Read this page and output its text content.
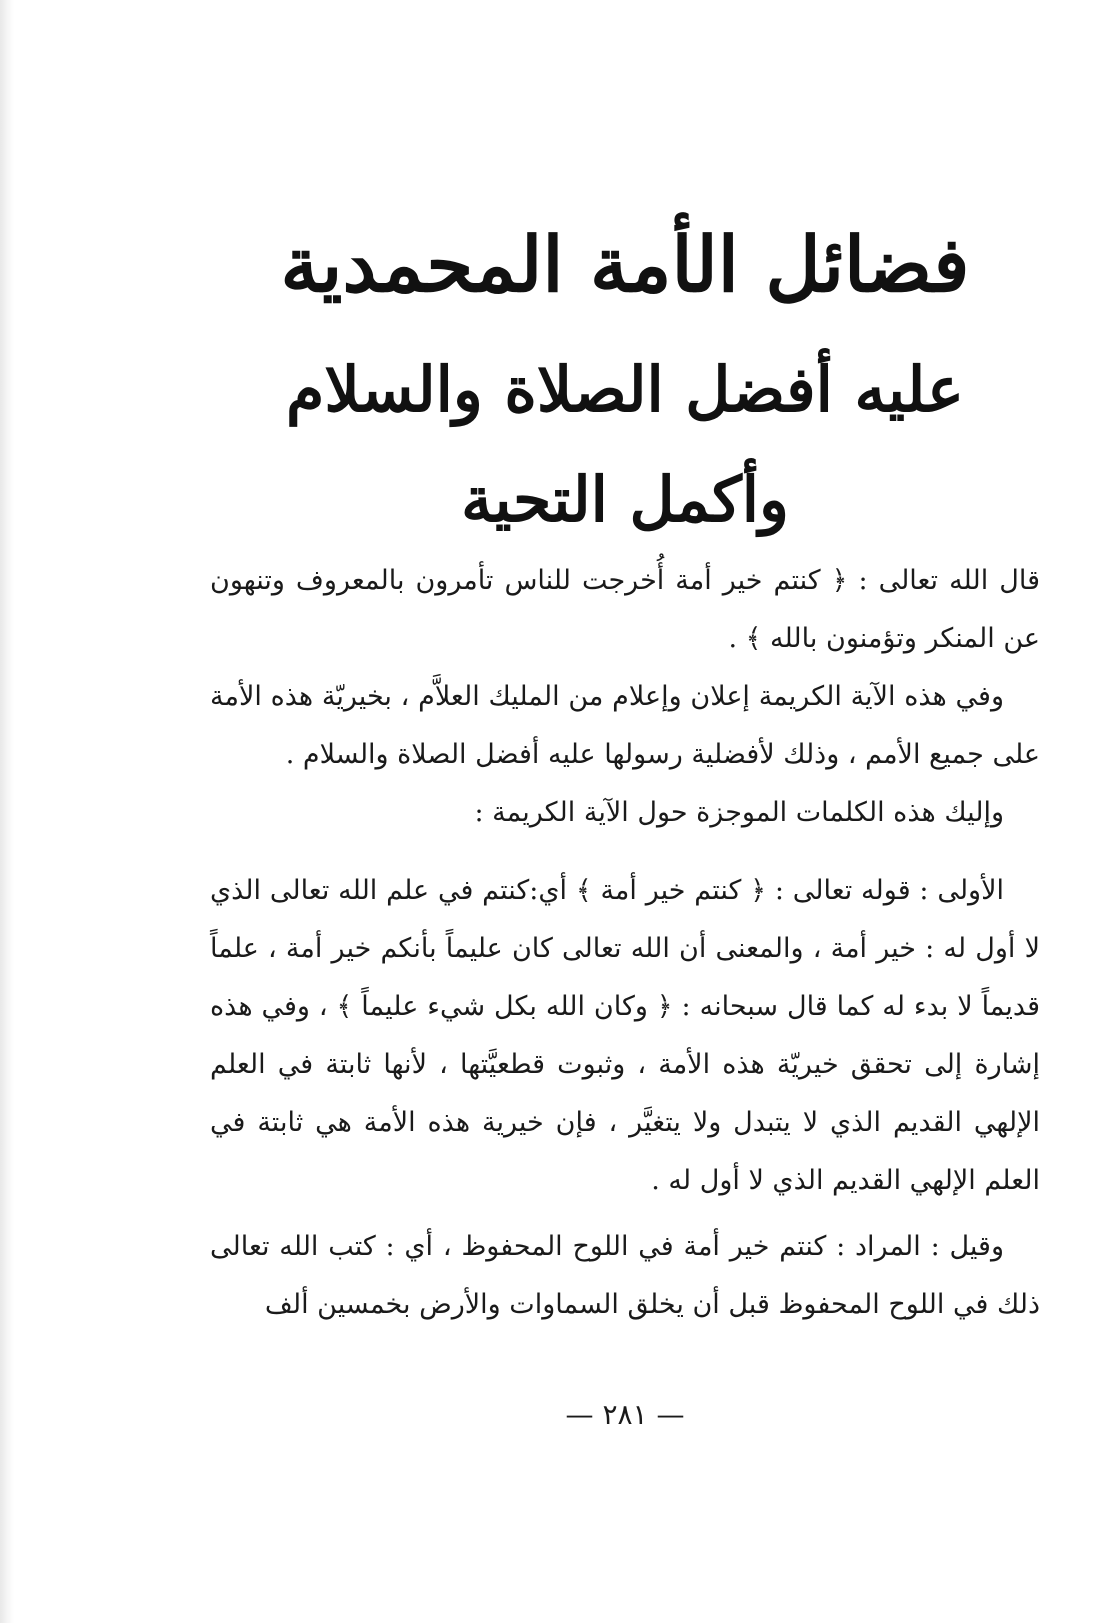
فضائل الأمة المحمدية
عليه أفضل الصلاة والسلام وأكمل التحية

قال الله تعالى : ﴿ كنتم خير أمة أُخرجت للناس تأمرون بالمعروف وتنهون عن المنكر وتؤمنون بالله ﴾ .

وفي هذه الآية الكريمة إعلان وإعلام من المليك العلاَّم ، بخيريّة هذه الأمة على جميع الأمم ، وذلك لأفضلية رسولها عليه أفضل الصلاة والسلام .

وإليك هذه الكلمات الموجزة حول الآية الكريمة :

الأولى : قوله تعالى : ﴿ كنتم خير أمة ﴾ أي:كنتم في علم الله تعالى الذي لا أول له : خير أمة ، والمعنى أن الله تعالى كان عليماً بأنكم خير أمة ، علماً قديماً لا بدء له كما قال سبحانه : ﴿ وكان الله بكل شيء عليماً ﴾ ، وفي هذه إشارة إلى تحقق خيريّة هذه الأمة ، وثبوت قطعيَّتها ، لأنها ثابتة في العلم الإلهي القديم الذي لا يتبدل ولا يتغيَّر ، فإن خيرية هذه الأمة هي ثابتة في العلم الإلهي القديم الذي لا أول له .

وقيل : المراد : كنتم خير أمة في اللوح المحفوظ ، أي : كتب الله تعالى ذلك في اللوح المحفوظ قبل أن يخلق السماوات والأرض بخمسين ألف

— ٢٨١ —
